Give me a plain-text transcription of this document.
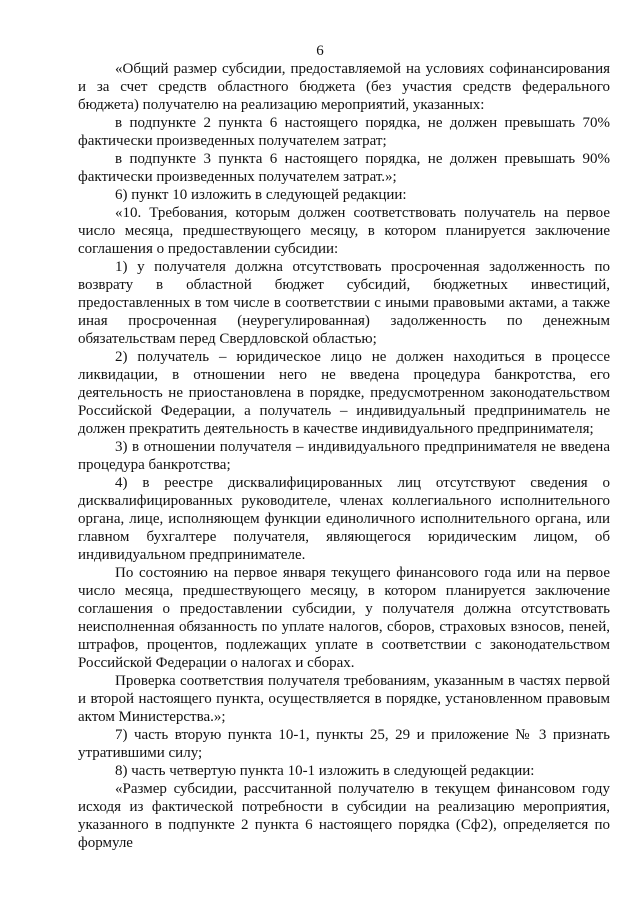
6

«Общий размер субсидии, предоставляемой на условиях софинансирования и за счет средств областного бюджета (без участия средств федерального бюджета) получателю на реализацию мероприятий, указанных:

в подпункте 2 пункта 6 настоящего порядка, не должен превышать 70% фактически произведенных получателем затрат;

в подпункте 3 пункта 6 настоящего порядка, не должен превышать 90% фактически произведенных получателем затрат.»;

6) пункт 10 изложить в следующей редакции:

«10. Требования, которым должен соответствовать получатель на первое число месяца, предшествующего месяцу, в котором планируется заключение соглашения о предоставлении субсидии:

1) у получателя должна отсутствовать просроченная задолженность по возврату в областной бюджет субсидий, бюджетных инвестиций, предоставленных в том числе в соответствии с иными правовыми актами, а также иная просроченная (неурегулированная) задолженность по денежным обязательствам перед Свердловской областью;

2) получатель – юридическое лицо не должен находиться в процессе ликвидации, в отношении него не введена процедура банкротства, его деятельность не приостановлена в порядке, предусмотренном законодательством Российской Федерации, а получатель – индивидуальный предприниматель не должен прекратить деятельность в качестве индивидуального предпринимателя;

3) в отношении получателя – индивидуального предпринимателя не введена процедура банкротства;

4) в реестре дисквалифицированных лиц отсутствуют сведения о дисквалифицированных руководителе, членах коллегиального исполнительного органа, лице, исполняющем функции единоличного исполнительного органа, или главном бухгалтере получателя, являющегося юридическим лицом, об индивидуальном предпринимателе.

По состоянию на первое января текущего финансового года или на первое число месяца, предшествующего месяцу, в котором планируется заключение соглашения о предоставлении субсидии, у получателя должна отсутствовать неисполненная обязанность по уплате налогов, сборов, страховых взносов, пеней, штрафов, процентов, подлежащих уплате в соответствии с законодательством Российской Федерации о налогах и сборах.

Проверка соответствия получателя требованиям, указанным в частях первой и второй настоящего пункта, осуществляется в порядке, установленном правовым актом Министерства.»;

7) часть вторую пункта 10-1, пункты 25, 29 и приложение № 3 признать утратившими силу;

8) часть четвертую пункта 10-1 изложить в следующей редакции:

«Размер субсидии, рассчитанной получателю в текущем финансовом году исходя из фактической потребности в субсидии на реализацию мероприятия, указанного в подпункте 2 пункта 6 настоящего порядка (Сф2), определяется по формуле
